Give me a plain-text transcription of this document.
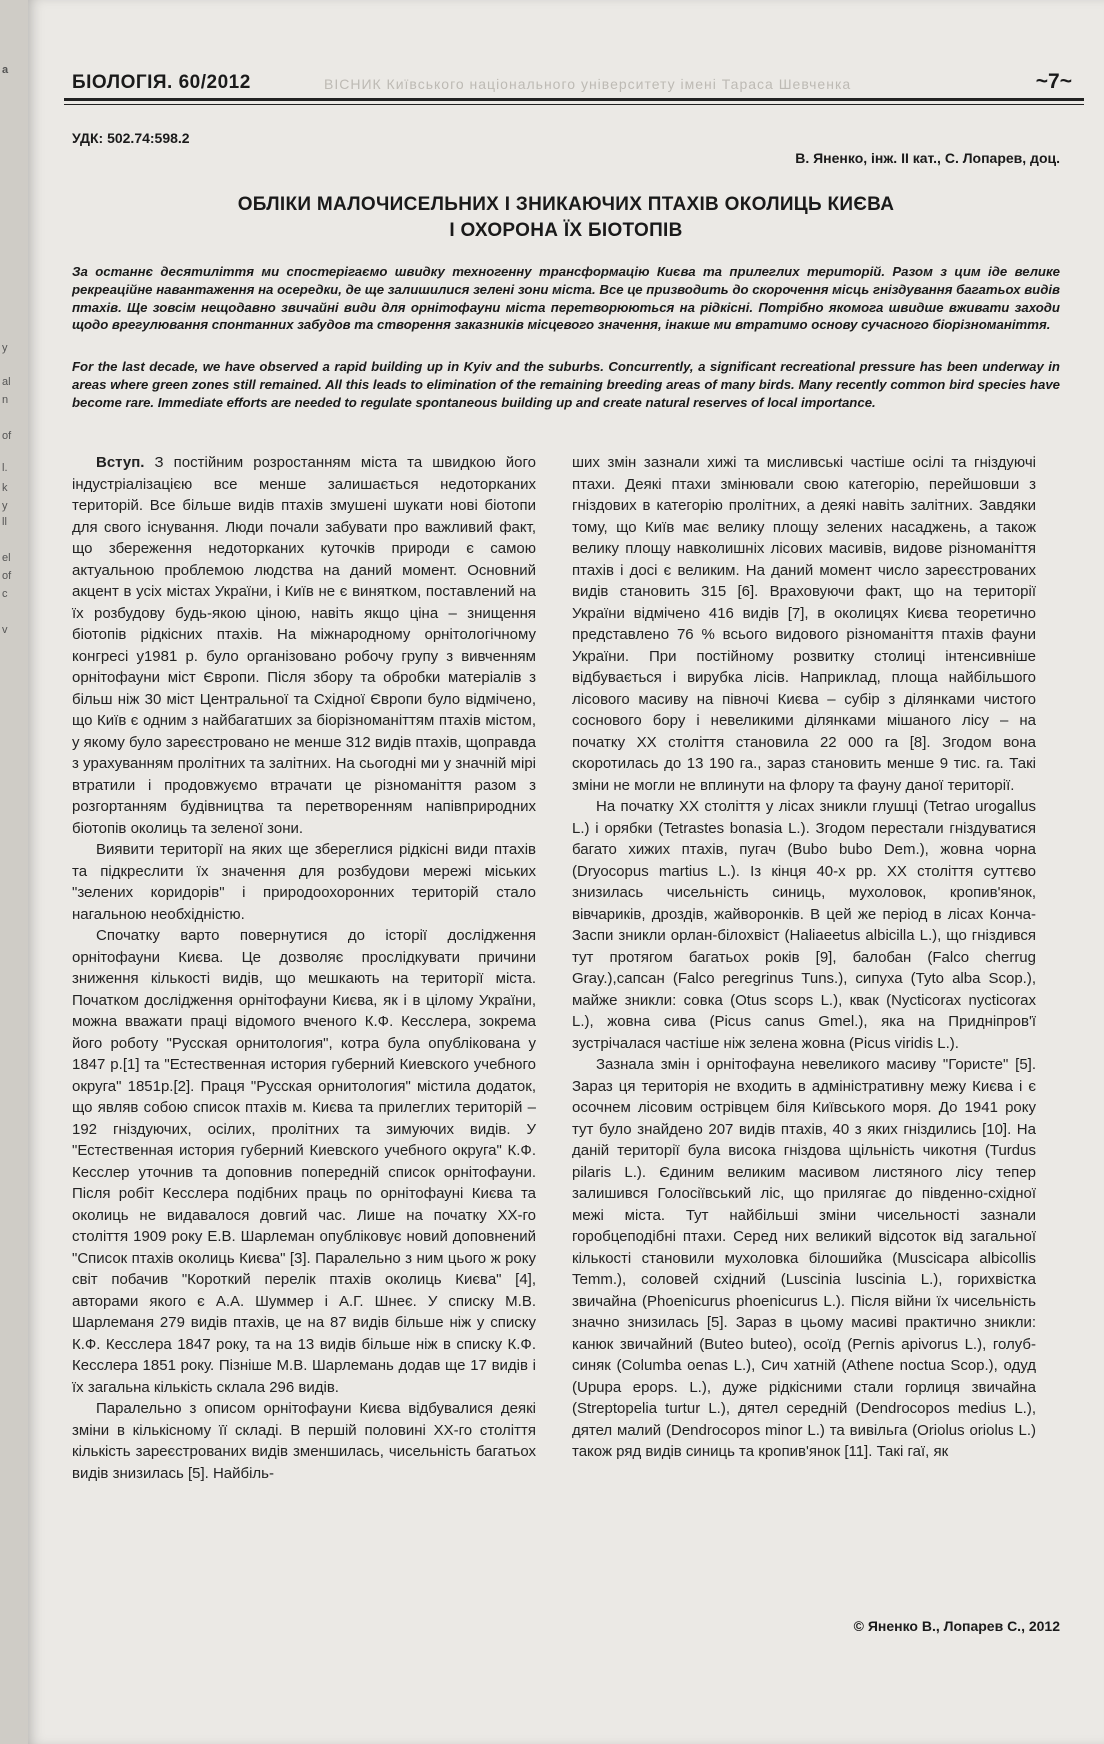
а
у
al
n
of
l.
k
y
ll
el
of
c
v
БІОЛОГІЯ. 60/2012	ВІСНИК Київського національного університету імені Тараса Шевченка	~7~
УДК: 502.74:598.2
В. Яненко, інж. II кат., С. Лопарев, доц.
ОБЛІКИ МАЛОЧИСЕЛЬНИХ І ЗНИКАЮЧИХ ПТАХІВ ОКОЛИЦЬ КИЄВА
І ОХОРОНА ЇХ БІОТОПІВ
За останнє десятиліття ми спостерігаємо швидку техногенну трансформацію Києва та прилеглих територій. Разом з цим іде велике рекреаційне навантаження на осередки, де ще залишилися зелені зони міста. Все це призводить до скорочення місць гніздування багатьох видів птахів. Ще зовсім нещодавно звичайні види для орнітофауни міста перетворюються на рідкісні. Потрібно якомога швидше вживати заходи щодо врегулювання спонтанних забудов та створення заказників місцевого значення, інакше ми втратимо основу сучасного біорізноманіття.
For the last decade, we have observed a rapid building up in Kyiv and the suburbs. Concurrently, a significant recreational pressure has been underway in areas where green zones still remained. All this leads to elimination of the remaining breeding areas of many birds. Many recently common bird species have become rare. Immediate efforts are needed to regulate spontaneous building up and create natural reserves of local importance.

Вступ. З постійним розростанням міста та швидкою його індустріалізацією все менше залишається недоторканих територій. Все більше видів птахів змушені шукати нові біотопи для свого існування. Люди почали забувати про важливий факт, що збереження недоторканих куточків природи є самою актуальною проблемою людства на даний момент. Основний акцент в усіх містах України, і Київ не є винятком, поставлений на їх розбудову будь-якою ціною, навіть якщо ціна – знищення біотопів рідкісних птахів. На міжнародному орнітологічному конгресі у1981 р. було організовано робочу групу з вивченням орнітофауни міст Європи. Після збору та обробки матеріалів з більш ніж 30 міст Центральної та Східної Європи було відмічено, що Київ є одним з найбагатших за біорізноманіттям птахів містом, у якому було зареєстровано не менше 312 видів птахів, щоправда з урахуванням пролітних та залітних. На сьогодні ми у значній мірі втратили і продовжуємо втрачати це різноманіття разом з розгортанням будівництва та перетворенням напівприродних біотопів околиць та зеленої зони.

Виявити території на яких ще збереглися рідкісні види птахів та підкреслити їх значення для розбудови мережі міських "зелених коридорів" і природоохоронних територій стало нагальною необхідністю.

Спочатку варто повернутися до історії дослідження орнітофауни Києва. Це дозволяє прослідкувати причини зниження кількості видів, що мешкають на території міста. Початком дослідження орнітофауни Києва, як і в цілому України, можна вважати праці відомого вченого К.Ф. Кесслера, зокрема його роботу "Русская орнитология", котра була опублікована у 1847 р.[1] та "Естественная история губерний Киевского учебного округа" 1851р.[2]. Праця "Русская орнитология" містила додаток, що являв собою список птахів м. Києва та прилеглих територій – 192 гніздуючих, осілих, пролітних та зимуючих видів. У "Естественная история губерний Киевского учебного округа" К.Ф. Кесслер уточнив та доповнив попередній список орнітофауни. Після робіт Кесслера подібних праць по орнітофауні Києва та околиць не видавалося довгий час. Лише на початку ХХ-го століття 1909 року Е.В. Шарлеман опубліковує новий доповнений "Список птахів околиць Києва" [3]. Паралельно з ним цього ж року світ побачив "Короткий перелік птахів околиць Києва" [4], авторами якого є А.А. Шуммер і А.Г. Шнеє. У списку М.В. Шарлеманя 279 видів птахів, це на 87 видів більше ніж у списку К.Ф. Кесслера 1847 року, та на 13 видів більше ніж в списку К.Ф. Кесслера 1851 року. Пізніше М.В. Шарлемань додав ще 17 видів і їх загальна кількість склала 296 видів.

Паралельно з описом орнітофауни Києва відбувалися деякі зміни в кількісному її складі. В першій половині ХХ-го століття кількість зареєстрованих видів зменшилась, чисельність багатьох видів знизилась [5]. Найбіль-

ших змін зазнали хижі та мисливські частіше осілі та гніздуючі птахи. Деякі птахи змінювали свою категорію, перейшовши з гніздових в категорію пролітних, а деякі навіть залітних. Завдяки тому, що Київ має велику площу зелених насаджень, а також велику площу навколишніх лісових масивів, видове різноманіття птахів і досі є великим. На даний момент число зареєстрованих видів становить 315 [6]. Враховуючи факт, що на території України відмічено 416 видів [7], в околицях Києва теоретично представлено 76 % всього видового різноманіття птахів фауни України. При постійному розвитку столиці інтенсивніше відбувається і вирубка лісів. Наприклад, площа найбільшого лісового масиву на півночі Києва – субір з ділянками чистого соснового бору і невеликими ділянками мішаного лісу – на початку ХХ століття становила 22 000 га [8]. Згодом вона скоротилась до 13 190 га., зараз становить менше 9 тис. га. Такі зміни не могли не вплинути на флору та фауну даної території.

На початку ХХ століття у лісах зникли глушці (Tetrao urogallus L.) і орябки (Tetrastes bonasia L.). Згодом перестали гніздуватися багато хижих птахів, пугач (Bubo bubo Dem.), жовна чорна (Dryocopus martius L.). Із кінця 40-х рр. ХХ століття суттєво знизилась чисельність синиць, мухоловок, кропив'янок, вівчариків, дроздів, жайворонків. В цей же період в лісах Конча-Заспи зникли орлан-білохвіст (Haliaeetus albicilla L.), що гніздився тут протягом багатьох років [9], балобан (Falco cherrug Gray.),сапсан (Falco peregrinus Tuns.), сипуха (Tyto alba Scop.), майже зникли: совка (Otus scops L.), квак (Nycticorax nycticorax L.), жовна сива (Picus canus Gmel.), яка на Придніпров'ї зустрічалася частіше ніж зелена жовна (Picus viridis L.).

Зазнала змін і орнітофауна невеликого масиву "Гористе" [5]. Зараз ця територія не входить в адміністративну межу Києва і є осочнем лісовим острівцем біля Київського моря. До 1941 року тут було знайдено 207 видів птахів, 40 з яких гніздились [10]. На даній території була висока гніздова щільність чикотня (Turdus pilaris L.). Єдиним великим масивом листяного лісу тепер залишився Голосіївський ліс, що прилягає до південно-східної межі міста. Тут найбільші зміни чисельності зазнали горобцеподібні птахи. Серед них великий відсоток від загальної кількості становили мухоловка білошийка (Muscicapa albicollis Temm.), соловей східний (Luscinia luscinia L.), горихвістка звичайна (Phoenicurus phoenicurus L.). Після війни їх чисельність значно знизилась [5]. Зараз в цьому масиві практично зникли: канюк звичайний (Buteo buteo), осоїд (Pernis apivorus L.), голуб-синяк (Columba oenas L.), Сич хатній (Athene noctua Scop.), одуд (Upupa epops. L.), дуже рідкісними стали горлиця звичайна (Streptopelia turtur L.), дятел середній (Dendrocopos medius L.), дятел малий (Dendrocopos minor L.) та вивільга (Oriolus oriolus L.) також ряд видів синиць та кропив'янок [11]. Такі гаї, як

© Яненко В., Лопарев С., 2012
